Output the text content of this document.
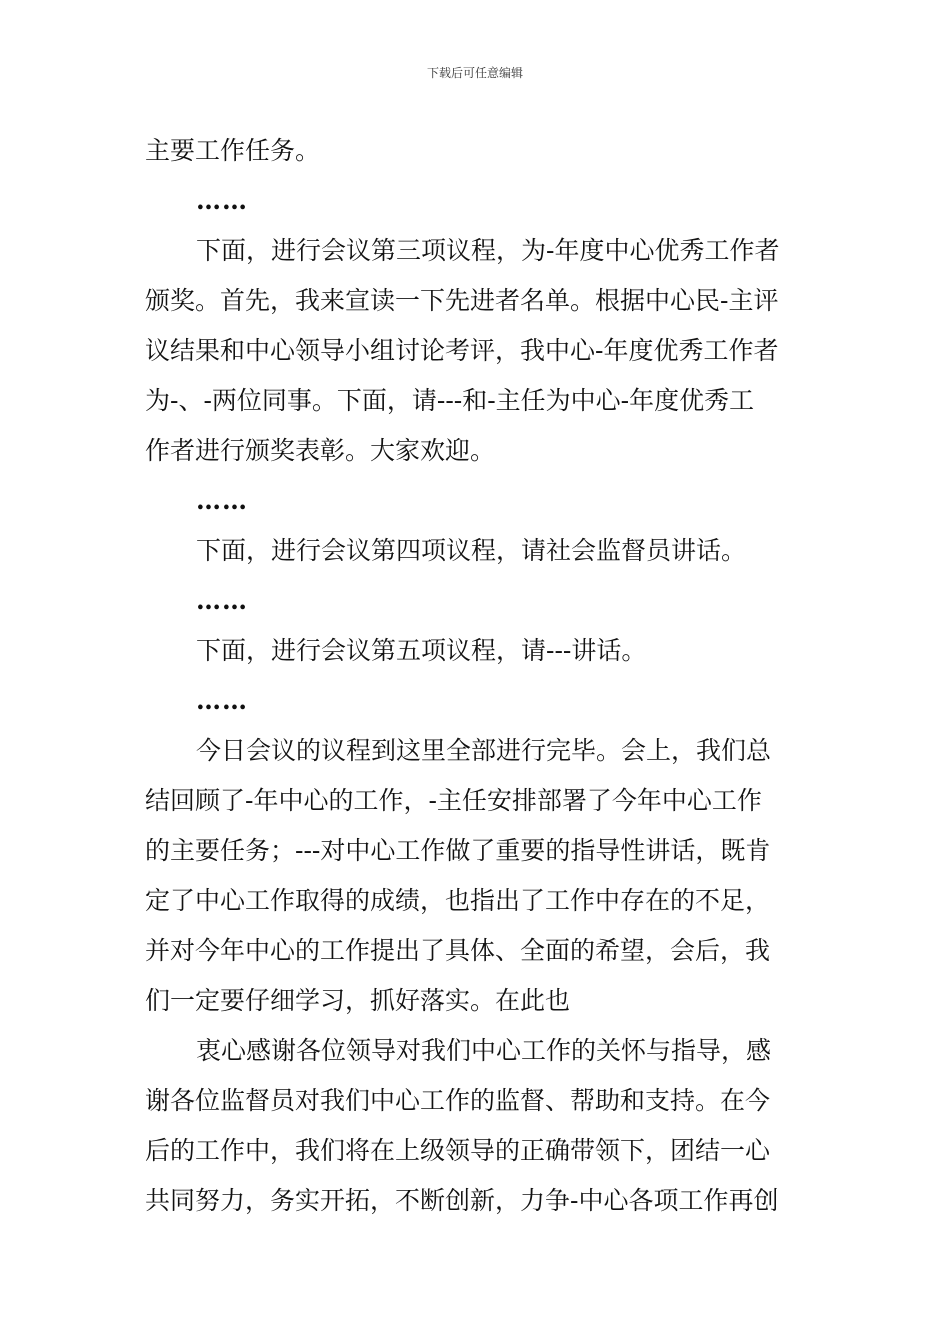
下载后可任意编辑
主要工作任务。
……
下面，进行会议第三项议程，为-年度中心优秀工作者
颁奖。首先，我来宣读一下先进者名单。根据中心民-主评
议结果和中心领导小组讨论考评，我中心-年度优秀工作者
为-、-两位同事。下面，请---和-主任为中心-年度优秀工
作者进行颁奖表彰。大家欢迎。
……
下面，进行会议第四项议程，请社会监督员讲话。
……
下面，进行会议第五项议程，请---讲话。
……
今日会议的议程到这里全部进行完毕。会上，我们总
结回顾了-年中心的工作，-主任安排部署了今年中心工作
的主要任务；---对中心工作做了重要的指导性讲话，既肯
定了中心工作取得的成绩，也指出了工作中存在的不足，
并对今年中心的工作提出了具体、全面的希望，会后，我
们一定要仔细学习，抓好落实。在此也
衷心感谢各位领导对我们中心工作的关怀与指导，感
谢各位监督员对我们中心工作的监督、帮助和支持。在今
后的工作中，我们将在上级领导的正确带领下，团结一心
共同努力，务实开拓，不断创新，力争-中心各项工作再创
